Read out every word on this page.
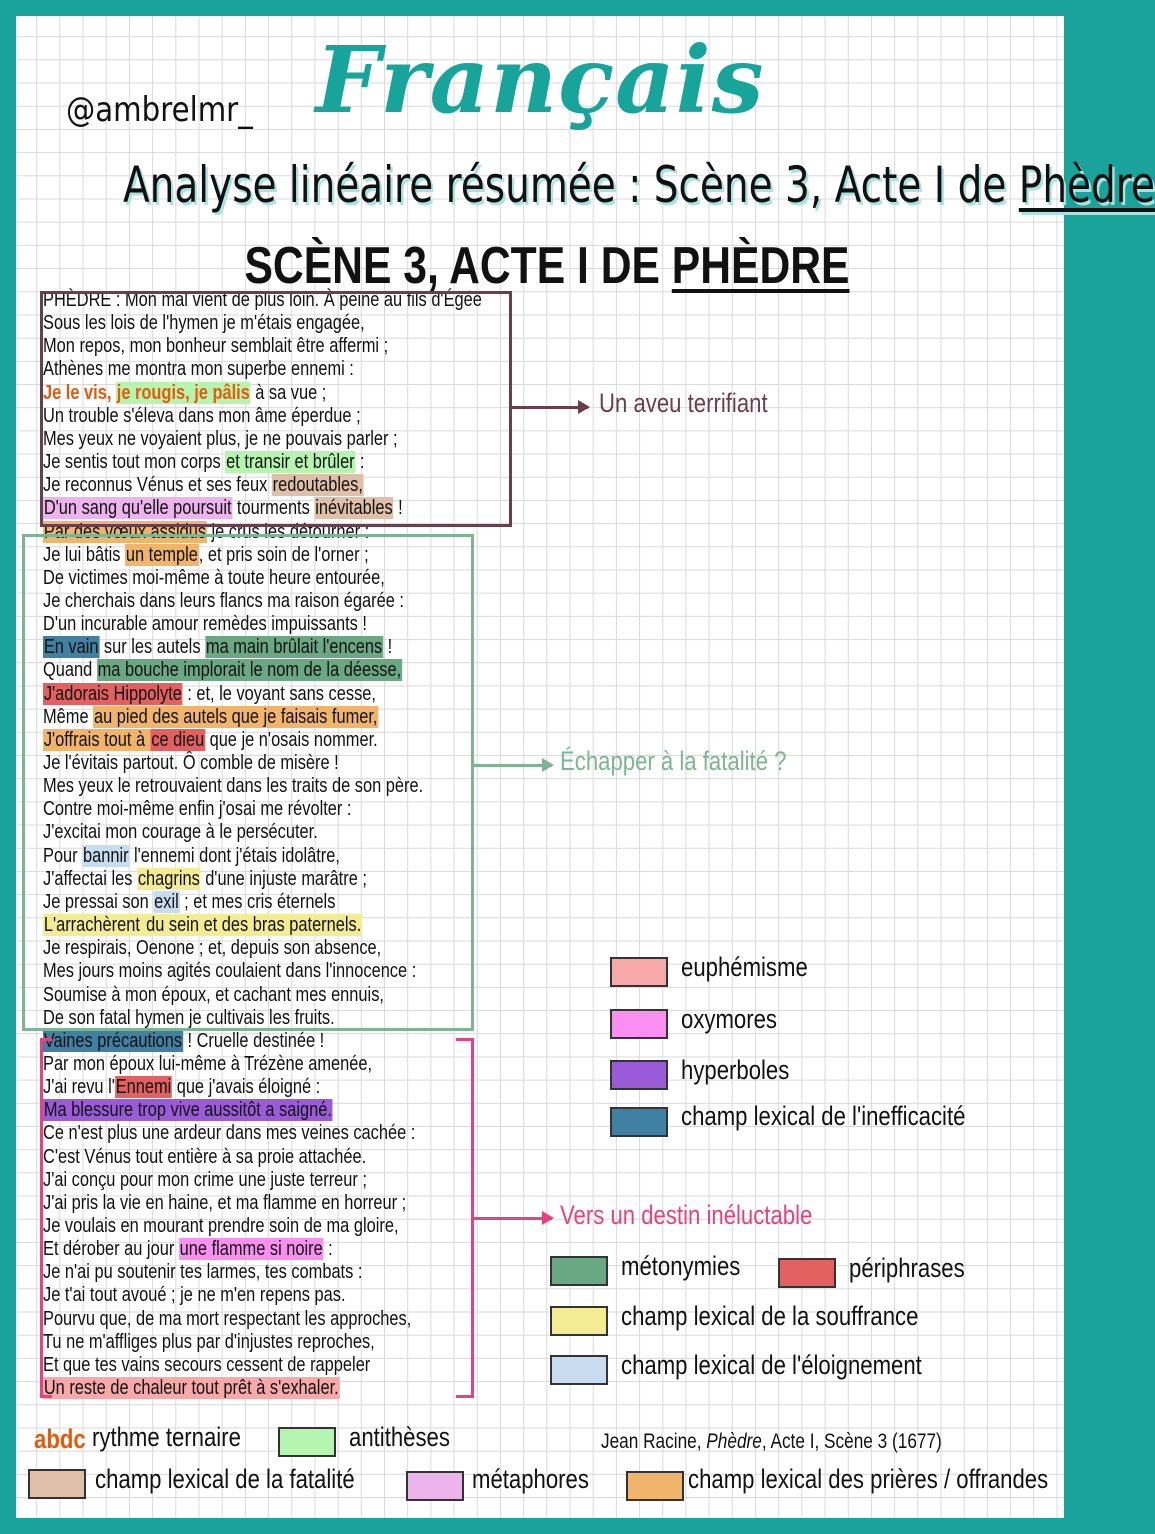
@ambrelmr_ Français
Analyse linéaire résumée : Scène 3, Acte I de Phèdre
SCÈNE 3, ACTE I DE PHÈDRE
PHÈDRE : Mon mal vient de plus loin. À peine au fils d'Égée
Sous les lois de l'hymen je m'étais engagée,
Mon repos, mon bonheur semblait être affermi ;
Athènes me montra mon superbe ennemi :
Je le vis, je rougis, je pâlis à sa vue ;
Un trouble s'éleva dans mon âme éperdue ;
Mes yeux ne voyaient plus, je ne pouvais parler ;
Je sentis tout mon corps et transir et brûler :
Je reconnus Vénus et ses feux redoutables,
D'un sang qu'elle poursuit tourments inévitables !
Par des vœux assidus je crus les détourner :
Je lui bâtis un temple, et pris soin de l'orner ;
De victimes moi-même à toute heure entourée,
Je cherchais dans leurs flancs ma raison égarée :
D'un incurable amour remèdes impuissants !
En vain sur les autels ma main brûlait l'encens !
Quand ma bouche implorait le nom de la déesse,
J'adorais Hippolyte : et, le voyant sans cesse,
Même au pied des autels que je faisais fumer,
J'offrais tout à ce dieu que je n'osais nommer.
Je l'évitais partout. Ô comble de misère !
Mes yeux le retrouvaient dans les traits de son père.
Contre moi-même enfin j'osai me révolter :
J'excitai mon courage à le persécuter.
Pour bannir l'ennemi dont j'étais idolâtre,
J'affectai les chagrins d'une injuste marâtre ;
Je pressai son exil ; et mes cris éternels
L'arrachèrent du sein et des bras paternels.
Je respirais, Oenone ; et, depuis son absence,
Mes jours moins agités coulaient dans l'innocence :
Soumise à mon époux, et cachant mes ennuis,
De son fatal hymen je cultivais les fruits.
Vaines précautions ! Cruelle destinée !
Par mon époux lui-même à Trézène amenée,
J'ai revu l'Ennemi que j'avais éloigné :
Ma blessure trop vive aussitôt a saigné.
Ce n'est plus une ardeur dans mes veines cachée :
C'est Vénus tout entière à sa proie attachée.
J'ai conçu pour mon crime une juste terreur ;
J'ai pris la vie en haine, et ma flamme en horreur ;
Je voulais en mourant prendre soin de ma gloire,
Et dérober au jour une flamme si noire :
Je n'ai pu soutenir tes larmes, tes combats :
Je t'ai tout avoué ; je ne m'en repens pas.
Pourvu que, de ma mort respectant les approches,
Tu ne m'affliges plus par d'injustes reproches,
Et que tes vains secours cessent de rappeler
Un reste de chaleur tout prêt à s'exhaler.
Un aveu terrifiant
Échapper à la fatalité ?
Vers un destin inéluctable
euphémisme
oxymores
hyperboles
champ lexical de l'inefficacité
métonymies	périphrases
champ lexical de la souffrance
champ lexical de l'éloignement
abdc rythme ternaire	antithèses
champ lexical de la fatalité	métaphores	champ lexical des prières / offrandes
Jean Racine, Phèdre, Acte I, Scène 3 (1677)
